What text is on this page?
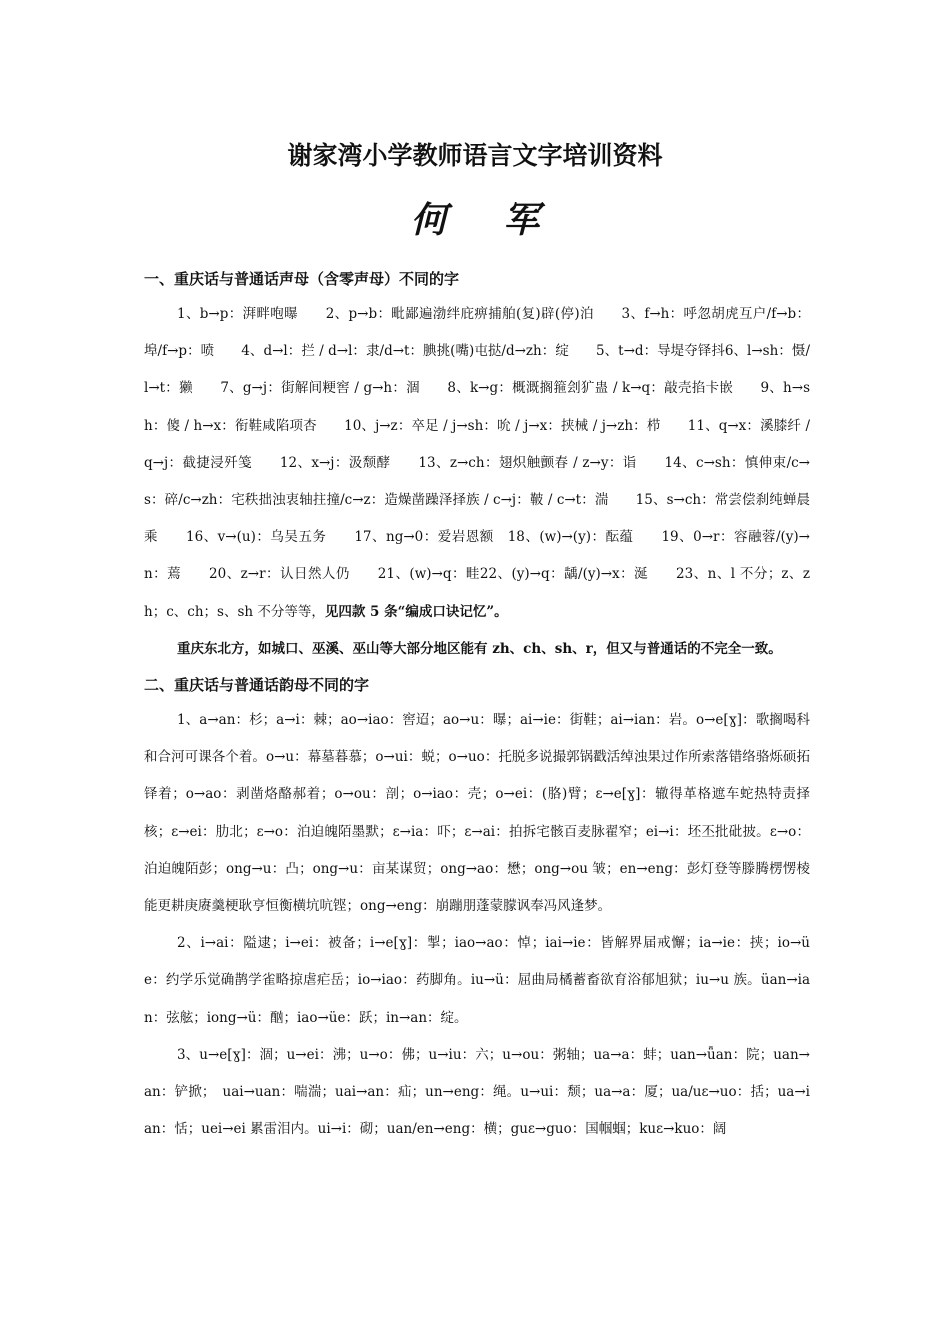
谢家湾小学教师语言文字培训资料
何 军
一、重庆话与普通话声母（含零声母）不同的字
1、b→p：湃畔咆曝　　2、p→b：毗鄙遍渤绊庇痹捕舶(复)辟(停)泊　　3、f→h：呼忽胡虎互户/f→b：埠/f→p：喷　　4、d→l：拦 / d→l：隶/d→t：腆挑(嘴)屯挞/d→zh：绽　　5、t→d：导堤夺铎抖6、l→sh：慑/ l→t：獭　　7、g→j：街解间粳窖 / g→h：涸　　8、k→g：概溉搁箍刽犷蛊 / k→q：敲壳掐卡嵌　　9、h→sh：傻 / h→x：衔鞋咸陷项杏　　10、j→z：卒足 / j→sh：吮 / j→x：挟械 / j→zh：栉　　11、q→x：溪膝纤 / q→j：截捷浸歼笺　　12、x→j：汲颓酵　　13、z→ch：翅炽触颤春 / z→y：诣　　14、c→sh：慎伸束/c→s：碎/c→zh：宅秩拙浊衷轴拄撞/c→z：造燥凿躁泽择族 / c→j：鞁 / c→t：湍　　15、s→ch：常尝偿刹纯蝉晨乘　　16、v→(u)：乌吴五务　　17、ng→0：爱岩恩额　18、(w)→(y)：酝蕴　　19、0→r：容融蓉/(y)→n：蔫　　20、z→r：认日然人仍　　21、(w)→q：畦22、(y)→q：龋/(y)→x：涎　　23、n、l 不分；z、zh；c、ch；s、sh 不分等等，见四款 5 条“编成口诀记忆”。
重庆东北方，如城口、巫溪、巫山等大部分地区能有 zh、ch、sh、r，但又与普通话的不完全一致。
二、重庆话与普通话韵母不同的字
1、a→an：杉；a→i：棘；ao→iao：窖迢；ao→u：曝；ai→ie：街鞋；ai→ian：岩。o→e[ɣ]：歌搁喝科和合河可课各个着。o→u：幕墓暮慕；o→ui：蜕；o→uo：托脱多说撮郭锅戳活绰浊果过作所索落错络骆烁硕拓铎着；o→ao：剥凿烙酪郝着；o→ou：剖；o→iao：壳；o→ei：(胳)臂；ɛ→e[ɣ]：辙得革格遮车蛇热特责择核；ɛ→ei：肋北；ɛ→o：泊迫魄陌墨默；ɛ→ia：吓；ɛ→ai：拍拆宅骸百麦脉翟窄；ei→i：坯丕批砒披。ɛ→o：泊迫魄陌彭；ong→u：凸；ong→u：亩某谋贸；ong→ao：懋；ong→ou 皱；en→eng：彭灯登等滕腾楞愣棱能更耕庚赓羹梗耿亨恒衡横坑吭铿；ong→eng：崩蹦朋蓬蒙朦讽奉冯风逢梦。
2、i→ai：隘逮；i→ei：被备；i→e[ɣ]：掣；iao→ao：悼；iai→ie：皆解界届戒懈；ia→ie：挟；io→üe：约学乐觉确鹊学雀略掠虐疟岳；io→iao：药脚角。iu→ü：屈曲局橘蓄畜欲育浴郁旭狱；iu→u 族。üan→ian：弦舷；iong→ü：酗；iao→üe：跃；in→an：绽。
3、u→e[ɣ]：涸；u→ei：沸；u→o：佛；u→iu：六；u→ou：粥轴；ua→a：蚌；uan→ǖan：院；uan→an：铲掀；　uai→uan：喘湍；uai→an：疝；un→eng：绳。u→ui：颓；ua→a：厦；ua/uɛ→uo：括；ua→ian：恬；uei→ei 累雷泪内。ui→i：砌；uan/en→eng：横；guɛ→guo：国帼蝈；kuɛ→kuo：阔
